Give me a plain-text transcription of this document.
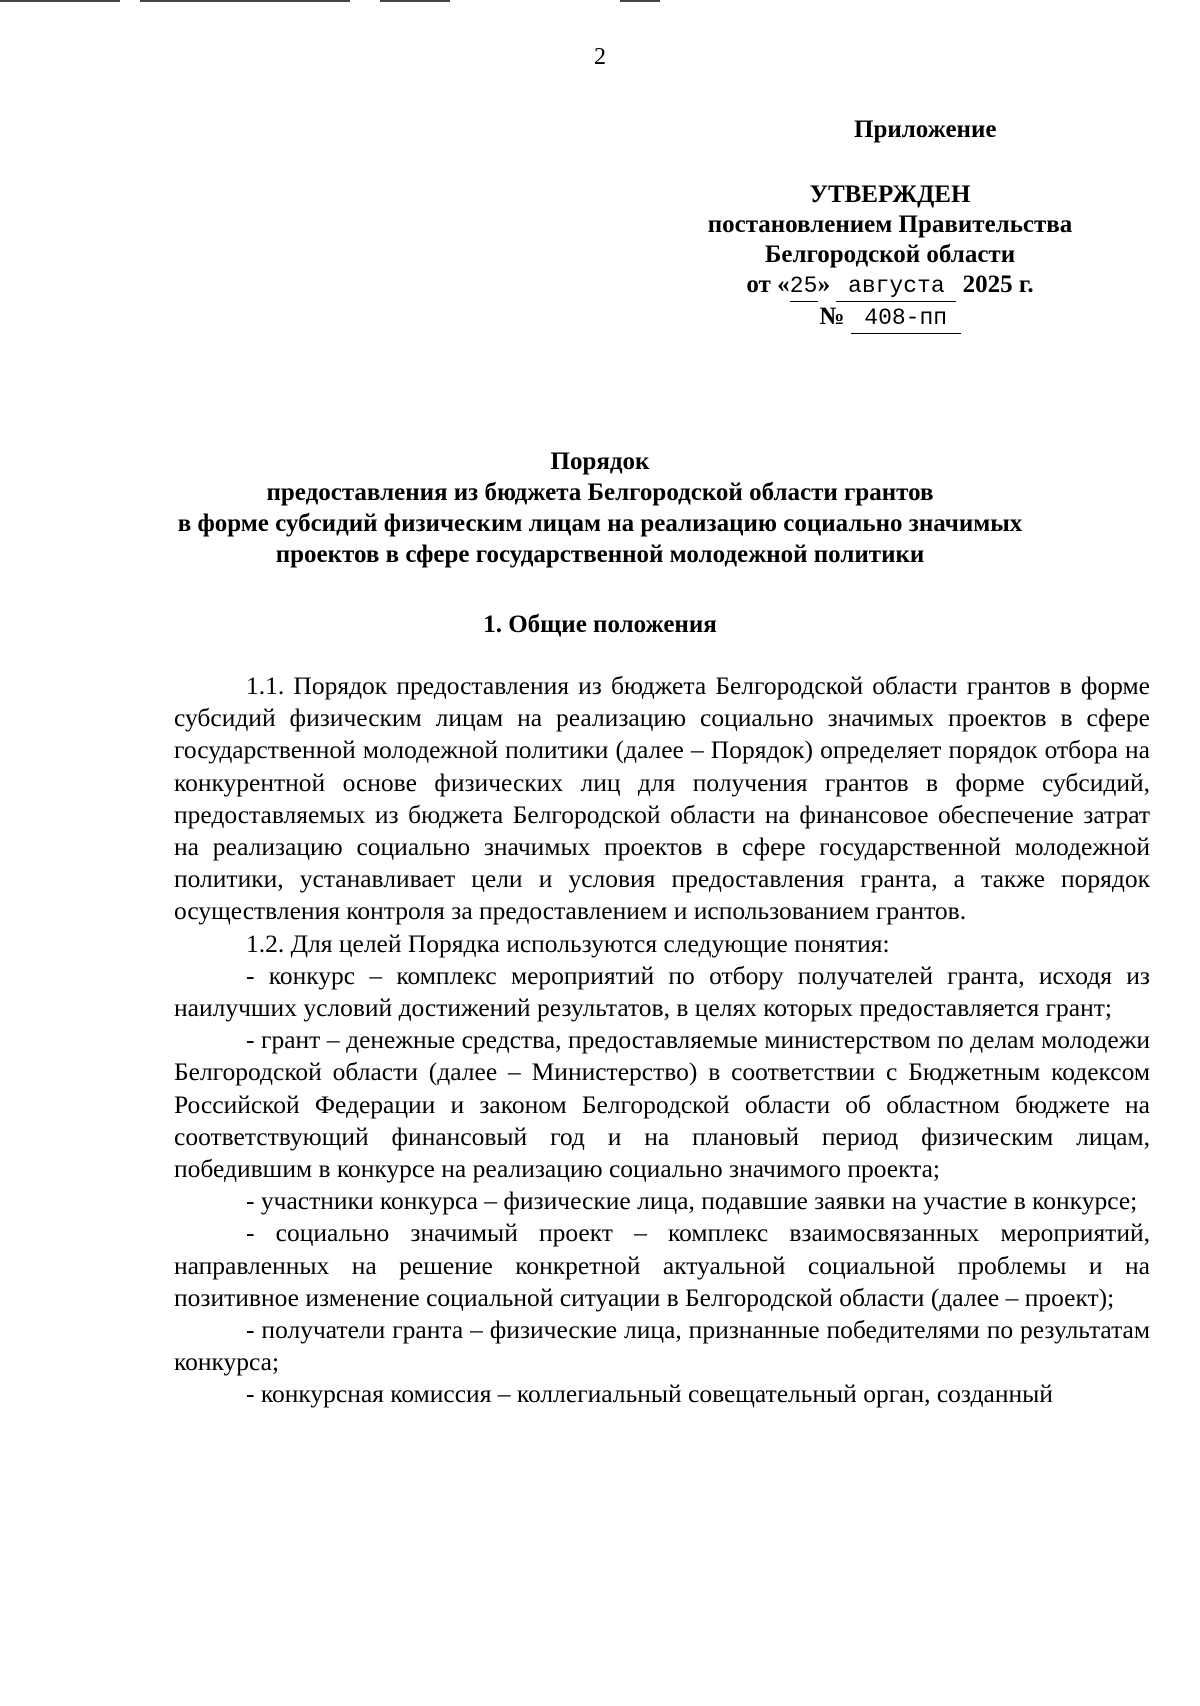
2
Приложение
УТВЕРЖДЕН
постановлением Правительства
Белгородской области
от «25» августа 2025 г.
№ 408-пп
Порядок
предоставления из бюджета Белгородской области грантов
в форме субсидий физическим лицам на реализацию социально значимых
проектов в сфере государственной молодежной политики
1. Общие положения

1.1. Порядок предоставления из бюджета Белгородской области грантов в форме субсидий физическим лицам на реализацию социально значимых проектов в сфере государственной молодежной политики (далее – Порядок) определяет порядок отбора на конкурентной основе физических лиц для получения грантов в форме субсидий, предоставляемых из бюджета Белгородской области на финансовое обеспечение затрат на реализацию социально значимых проектов в сфере государственной молодежной политики, устанавливает цели и условия предоставления гранта, а также порядок осуществления контроля за предоставлением и использованием грантов.

1.2. Для целей Порядка используются следующие понятия:

- конкурс – комплекс мероприятий по отбору получателей гранта, исходя из наилучших условий достижений результатов, в целях которых предоставляется грант;

- грант – денежные средства, предоставляемые министерством по делам молодежи Белгородской области (далее – Министерство) в соответствии с Бюджетным кодексом Российской Федерации и законом Белгородской области об областном бюджете на соответствующий финансовый год и на плановый период физическим лицам, победившим в конкурсе на реализацию социально значимого проекта;

- участники конкурса – физические лица, подавшие заявки на участие в конкурсе;

- социально значимый проект – комплекс взаимосвязанных мероприятий, направленных на решение конкретной актуальной социальной проблемы и на позитивное изменение социальной ситуации в Белгородской области (далее – проект);

- получатели гранта – физические лица, признанные победителями по результатам конкурса;

- конкурсная комиссия – коллегиальный совещательный орган, созданный
